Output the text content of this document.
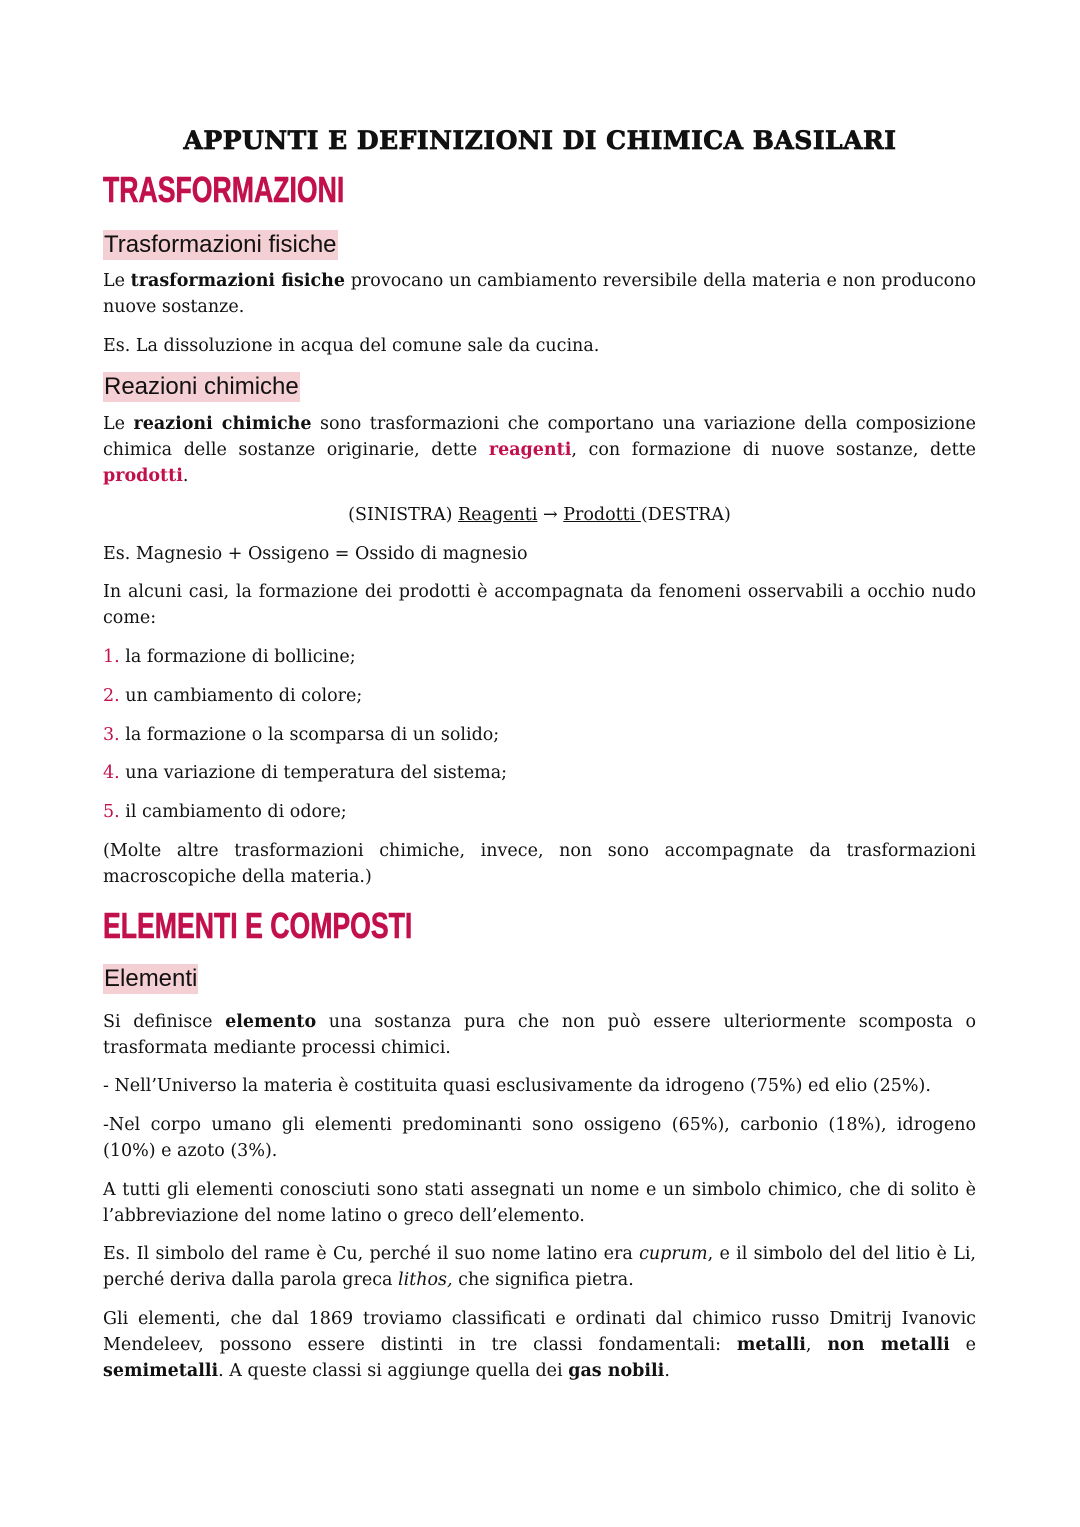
APPUNTI E DEFINIZIONI DI CHIMICA BASILARI
TRASFORMAZIONI
Trasformazioni fisiche
Le trasformazioni fisiche provocano un cambiamento reversibile della materia e non producono nuove sostanze.
Es. La dissoluzione in acqua del comune sale da cucina.
Reazioni chimiche
Le reazioni chimiche sono trasformazioni che comportano una variazione della composizione chimica delle sostanze originarie, dette reagenti, con formazione di nuove sostanze, dette prodotti.
(SINISTRA) Reagenti → Prodotti (DESTRA)
Es. Magnesio + Ossigeno = Ossido di magnesio
In alcuni casi, la formazione dei prodotti è accompagnata da fenomeni osservabili a occhio nudo come:
1. la formazione di bollicine;
2. un cambiamento di colore;
3. la formazione o la scomparsa di un solido;
4. una variazione di temperatura del sistema;
5. il cambiamento di odore;
(Molte altre trasformazioni chimiche, invece, non sono accompagnate da trasformazioni macroscopiche della materia.)
ELEMENTI E COMPOSTI
Elementi
Si definisce elemento una sostanza pura che non può essere ulteriormente scomposta o trasformata mediante processi chimici.
- Nell’Universo la materia è costituita quasi esclusivamente da idrogeno (75%) ed elio (25%).
-Nel corpo umano gli elementi predominanti sono ossigeno (65%), carbonio (18%), idrogeno (10%) e azoto (3%).
A tutti gli elementi conosciuti sono stati assegnati un nome e un simbolo chimico, che di solito è l’abbreviazione del nome latino o greco dell’elemento.
Es. Il simbolo del rame è Cu, perché il suo nome latino era cuprum, e il simbolo del del litio è Li, perché deriva dalla parola greca lithos, che significa pietra.
Gli elementi, che dal 1869 troviamo classificati e ordinati dal chimico russo Dmitrij Ivanovic Mendeleev, possono essere distinti in tre classi fondamentali: metalli, non metalli e semimetalli. A queste classi si aggiunge quella dei gas nobili.
